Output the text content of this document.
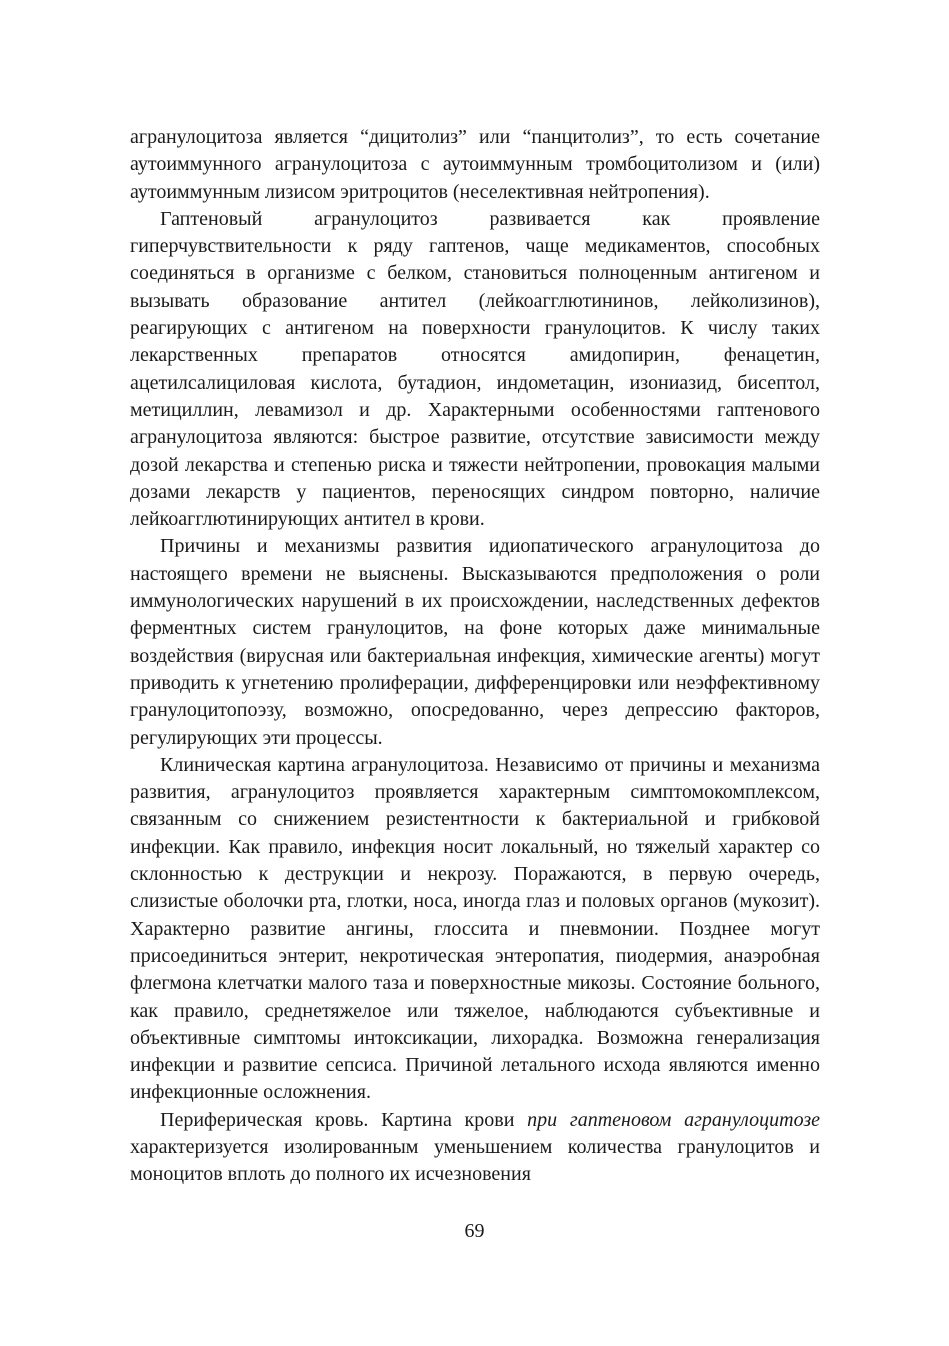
агранулоцитоза является “дицитолиз” или “панцитолиз”, то есть сочетание аутоиммунного агранулоцитоза с аутоиммунным тромбоцитолизом и (или) аутоиммунным лизисом эритроцитов (неселективная нейтропения).

Гаптеновый агранулоцитоз развивается как проявление гиперчувствительности к ряду гаптенов, чаще медикаментов, способных соединяться в организме с белком, становиться полноценным антигеном и вызывать образование антител (лейкоагглютининов, лейколизинов), реагирующих с антигеном на поверхности гранулоцитов. К числу таких лекарственных препаратов относятся амидопирин, фенацетин, ацетилсалициловая кислота, бутадион, индометацин, изониазид, бисептол, метициллин, левамизол и др. Характерными особенностями гаптенового агранулоцитоза являются: быстрое развитие, отсутствие зависимости между дозой лекарства и степенью риска и тяжести нейтропении, провокация малыми дозами лекарств у пациентов, переносящих синдром повторно, наличие лейкоагглютинирующих антител в крови.

Причины и механизмы развития идиопатического агранулоцитоза до настоящего времени не выяснены. Высказываются предположения о роли иммунологических нарушений в их происхождении, наследственных дефектов ферментных систем гранулоцитов, на фоне которых даже минимальные воздействия (вирусная или бактериальная инфекция, химические агенты) могут приводить к угнетению пролиферации, дифференцировки или неэффективному гранулоцитопоэзу, возможно, опосредованно, через депрессию факторов, регулирующих эти процессы.

Клиническая картина агранулоцитоза. Независимо от причины и механизма развития, агранулоцитоз проявляется характерным симптомокомплексом, связанным со снижением резистентности к бактериальной и грибковой инфекции. Как правило, инфекция носит локальный, но тяжелый характер со склонностью к деструкции и некрозу. Поражаются, в первую очередь, слизистые оболочки рта, глотки, носа, иногда глаз и половых органов (мукозит). Характерно развитие ангины, глоссита и пневмонии. Позднее могут присоединиться энтерит, некротическая энтеропатия, пиодермия, анаэробная флегмона клетчатки малого таза и поверхностные микозы. Состояние больного, как правило, среднетяжелое или тяжелое, наблюдаются субъективные и объективные симптомы интоксикации, лихорадка. Возможна генерализация инфекции и развитие сепсиса. Причиной летального исхода являются именно инфекционные осложнения.

Периферическая кровь. Картина крови при гаптеновом агранулоцитозе характеризуется изолированным уменьшением количества гранулоцитов и моноцитов вплоть до полного их исчезновения

69
